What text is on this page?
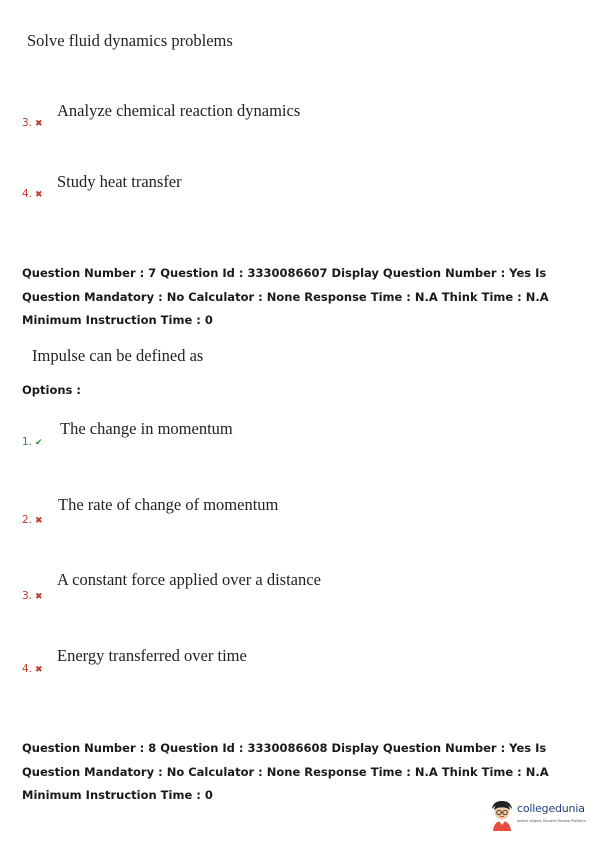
Solve fluid dynamics problems
3. ✖
Analyze chemical reaction dynamics
4. ✖
Study heat transfer
Question Number : 7 Question Id : 3330086607 Display Question Number : Yes Is Question Mandatory : No Calculator : None Response Time : N.A Think Time : N.A Minimum Instruction Time : 0
Impulse can be defined as
Options :
1. ✔
The change in momentum
2. ✖
The rate of change of momentum
3. ✖
A constant force applied over a distance
4. ✖
Energy transferred over time
Question Number : 8 Question Id : 3330086608 Display Question Number : Yes Is Question Mandatory : No Calculator : None Response Time : N.A Think Time : N.A Minimum Instruction Time : 0
collegedunia
India's largest Student Review Platform
